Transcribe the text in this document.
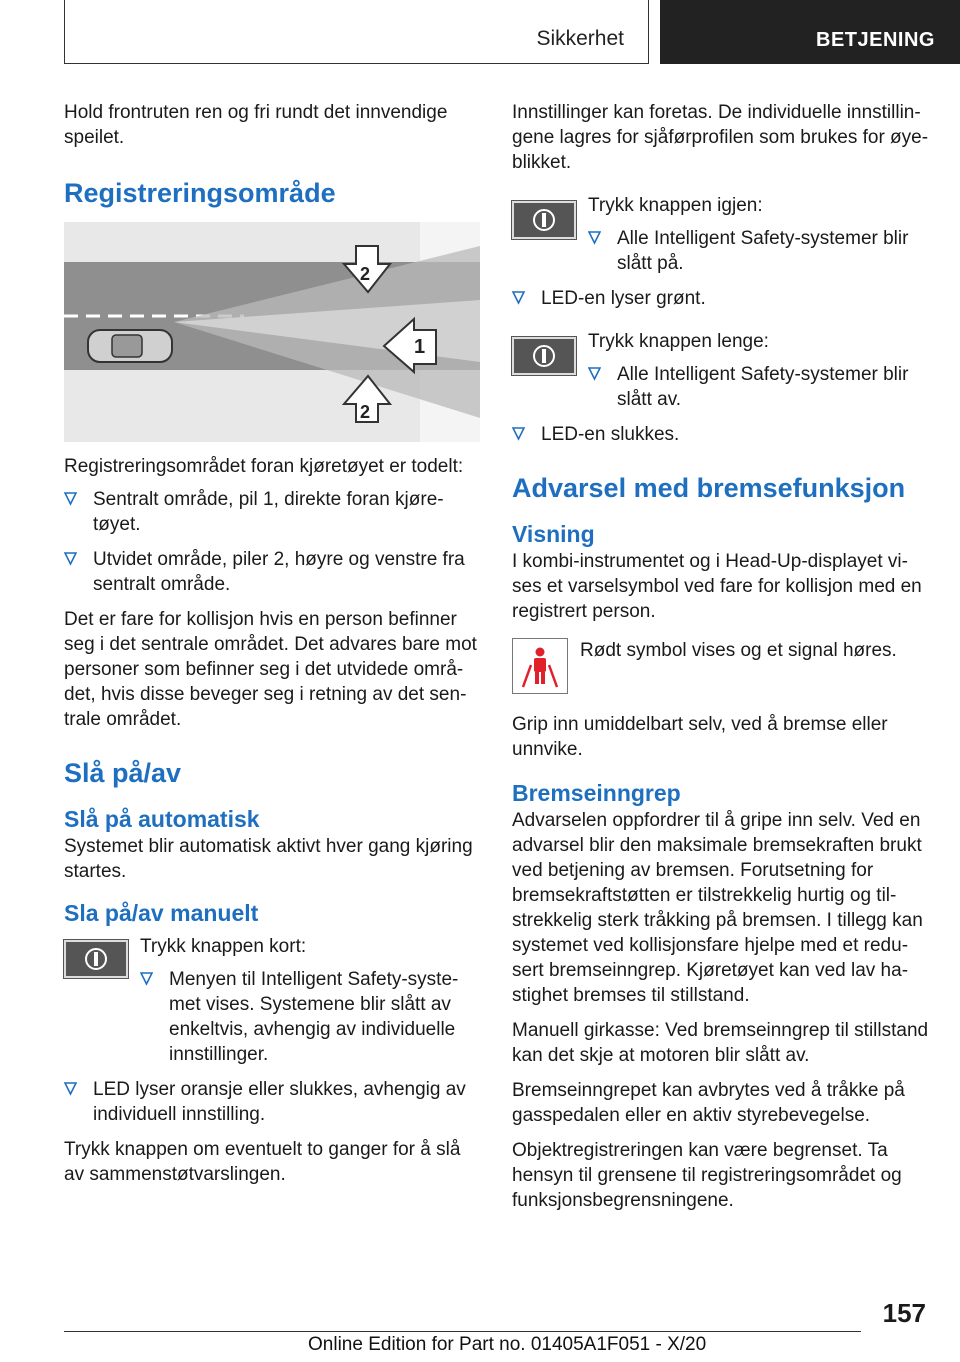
Sikkerhet	BETJENING

Hold frontruten ren og fri rundt det innvendige speilet.

Registreringsområde
1
2
2

Registreringsområdet foran kjøretøyet er todelt:

Sentralt område, pil 1, direkte foran kjøretøyet.
Utvidet område, piler 2, høyre og venstre fra sentralt område.

Det er fare for kollisjon hvis en person befinner seg i det sentrale området. Det advares bare mot personer som befinner seg i det utvidede området, hvis disse beveger seg i retning av det sentrale området.

Slå på/av
Slå på automatisk

Systemet blir automatisk aktivt hver gang kjøring startes.

Sla på/av manuelt

Trykk knappen kort:

Menyen til Intelligent Safety-systemet vises. Systemene blir slått av enkeltvis, avhengig av individuelle innstillinger.
LED lyser oransje eller slukkes, avhengig av individuell innstilling.

Trykk knappen om eventuelt to ganger for å slå av sammenstøtvarslingen.

Innstillinger kan foretas. De individuelle innstillingene lagres for sjåførprofilen som brukes for øyeblikket.

Trykk knappen igjen:

Alle Intelligent Safety-systemer blir slått på.
LED-en lyser grønt.

Trykk knappen lenge:

Alle Intelligent Safety-systemer blir slått av.
LED-en slukkes.
Advarsel med bremsefunksjon
Visning

I kombi-instrumentet og i Head-Up-displayet vises et varselsymbol ved fare for kollisjon med en registrert person.

Rødt symbol vises og et signal høres.

Grip inn umiddelbart selv, ved å bremse eller unnvike.

Bremseinngrep

Advarselen oppfordrer til å gripe inn selv. Ved en advarsel blir den maksimale bremsekraften brukt ved betjening av bremsen. Forutsetning for bremsekraftstøtten er tilstrekkelig hurtig og tilstrekkelig sterk tråkking på bremsen. I tillegg kan systemet ved kollisjonsfare hjelpe med et redusert bremseinngrep. Kjøretøyet kan ved lav hastighet bremses til stillstand.

Manuell girkasse: Ved bremseinngrep til stillstand kan det skje at motoren blir slått av.

Bremseinngrepet kan avbrytes ved å tråkke på gasspedalen eller en aktiv styrebevegelse.

Objektregistreringen kan være begrenset. Ta hensyn til grensene til registreringsområdet og funksjonsbegrensningene.

157
Online Edition for Part no. 01405A1F051 - X/20
